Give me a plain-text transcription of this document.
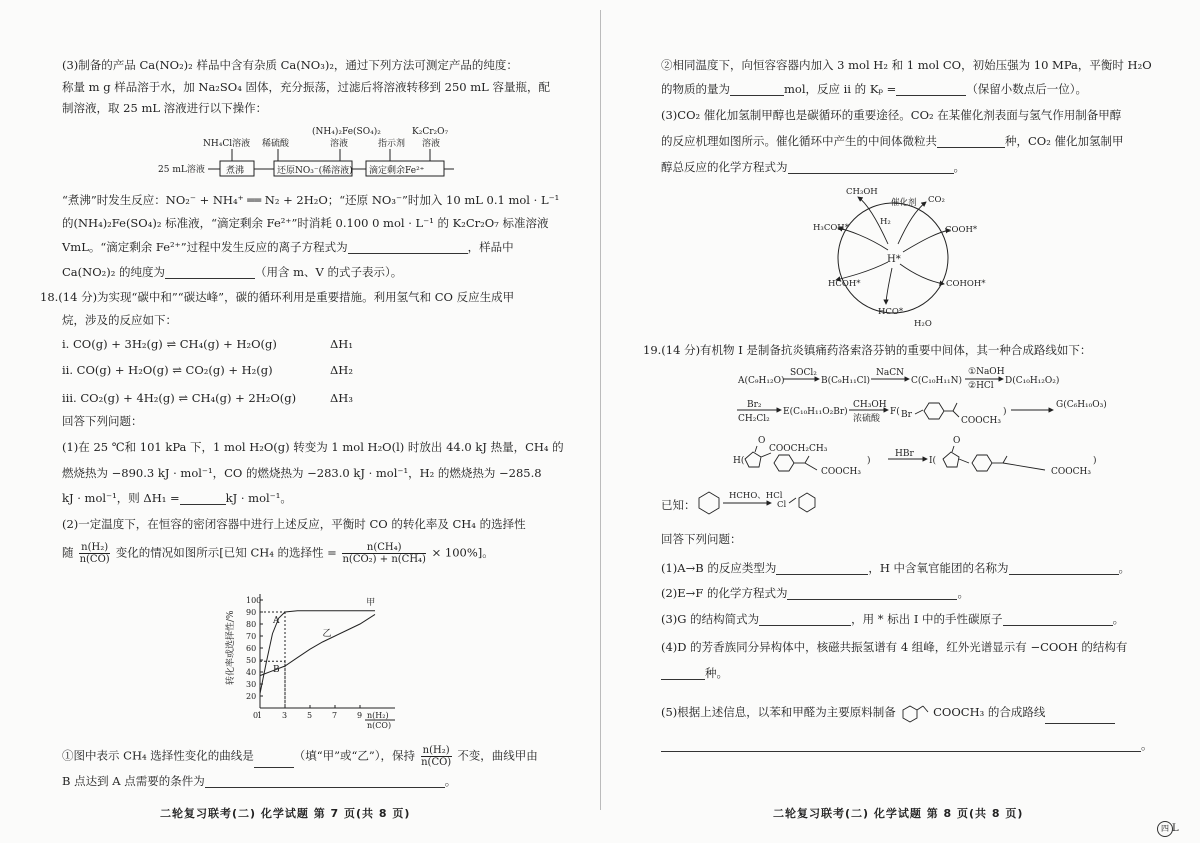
(3)制备的产品 Ca(NO₂)₂ 样品中含有杂质 Ca(NO₃)₂，通过下列方法可测定产品的纯度：
称量 m g 样品溶于水，加 Na₂SO₄ 固体，充分振荡，过滤后将溶液转移到 250 mL 容量瓶，配
制溶液，取 25 mL 溶液进行以下操作：
NH₄Cl溶液 稀硫酸
(NH₄)₂Fe(SO₄)₂
溶液	指示剂
K₂Cr₂O₇
溶液
25 mL溶液 煮沸	还原NO₃⁻(稀溶液) 滴定剩余Fe²⁺
“煮沸”时发生反应：NO₂⁻ + NH₄⁺ ══ N₂ + 2H₂O；“还原 NO₃⁻”时加入 10 mL 0.1 mol · L⁻¹
的(NH₄)₂Fe(SO₄)₂ 标准液，“滴定剩余 Fe²⁺”时消耗 0.100 0 mol · L⁻¹ 的 K₂Cr₂O₇ 标准溶液
VmL。“滴定剩余 Fe²⁺”过程中发生反应的离子方程式为	，样品中
Ca(NO₂)₂ 的纯度为	（用含 m、V 的式子表示）。
18.(14 分)为实现“碳中和”“碳达峰”，碳的循环利用是重要措施。利用氢气和 CO 反应生成甲
烷，涉及的反应如下：
ⅰ. CO(g) + 3H₂(g) ⇌ CH₄(g) + H₂O(g)	ΔH₁
ⅱ. CO(g) + H₂O(g) ⇌ CO₂(g) + H₂(g)	ΔH₂
ⅲ. CO₂(g) + 4H₂(g) ⇌ CH₄(g) + 2H₂O(g)	ΔH₃
回答下列问题：
(1)在 25 ℃和 101 kPa 下，1 mol H₂O(g) 转变为 1 mol H₂O(l) 时放出 44.0 kJ 热量，CH₄ 的
燃烧热为 −890.3 kJ · mol⁻¹，CO 的燃烧热为 −283.0 kJ · mol⁻¹，H₂ 的燃烧热为 −285.8
kJ · mol⁻¹，则 ΔH₁ =	kJ · mol⁻¹。
(2)一定温度下，在恒容的密闭容器中进行上述反应，平衡时 CO 的转化率及 CH₄ 的选择性
随 $\frac{\text{n(H₂)}}{n(CO)}$ 变化的情况如图所示[已知 CH₄ 的选择性 = $\frac{\text{n(CH₄)}}{\text{n(CO₂) + n(CH₄)}} \times 100\%$]。
转化率或选择性/%
1 3 5 7 9
20
30
40
50
60
70
80
90
100
0
甲
乙
A
B
n(H₂)
n(CO)
①图中表示 CH₄ 选择性变化的曲线是	（填“甲”或“乙”），保持 $\frac{\text{n(H₂)}}{n(CO)}$ 不变，曲线甲由
B 点达到 A 点需要的条件为	。
二轮复习联考(二) 化学试题 第 7 页(共 8 页)
②相同温度下，向恒容容器内加入 3 mol H₂ 和 1 mol CO，初始压强为 10 MPa，平衡时 H₂O
的物质的量为	mol，反应 ⅱ 的 Kₚ =	（保留小数点后一位）。
(3)CO₂ 催化加氢制甲醇也是碳循环的重要途径。CO₂ 在某催化剂表面与氢气作用制备甲醇
的反应机理如图所示。催化循环中产生的中间体微粒共	种，CO₂ 催化加氢制甲
醇总反应的化学方程式为	。
H*
CH₃OH
催化剂
H₂
CO₂
H₃COH*	COOH*
HCOH*	COHOH*
HCO*
H₂O
19.(14 分)有机物 I 是制备抗炎镇痛药洛索洛芬钠的重要中间体，其一种合成路线如下：
A(C₉H₁₂O)
SOCl₂
B(C₉H₁₁Cl)
NaCN
C(C₁₀H₁₁N)
①NaOH
②HCl D(C₁₀H₁₂O₂)
Br₂
CH₂Cl₂
E(C₁₀H₁₁O₂Br)
CH₃OH
浓硫酸
F( Br
COOCH₃
)
G(C₆H₁₀O₃)
H(
O
COOCH₂CH₃
COOCH₃
)
HBr
I(
O
COOCH₃
)
已知：
HCHO、HCl
Cl
回答下列问题：
(1)A→B 的反应类型为	，H 中含氧官能团的名称为	。
(2)E→F 的化学方程式为	。
(3)G 的结构简式为	，用 * 标出 I 中的手性碳原子	。
(4)D 的芳香族同分异构体中，核磁共振氢谱有 4 组峰，红外光谱显示有 −COOH 的结构有
种。
(5)根据上述信息，以苯和甲醛为主要原料制备	COOCH₃ 的合成路线
。
二轮复习联考(二) 化学试题 第 8 页(共 8 页)
四 L
